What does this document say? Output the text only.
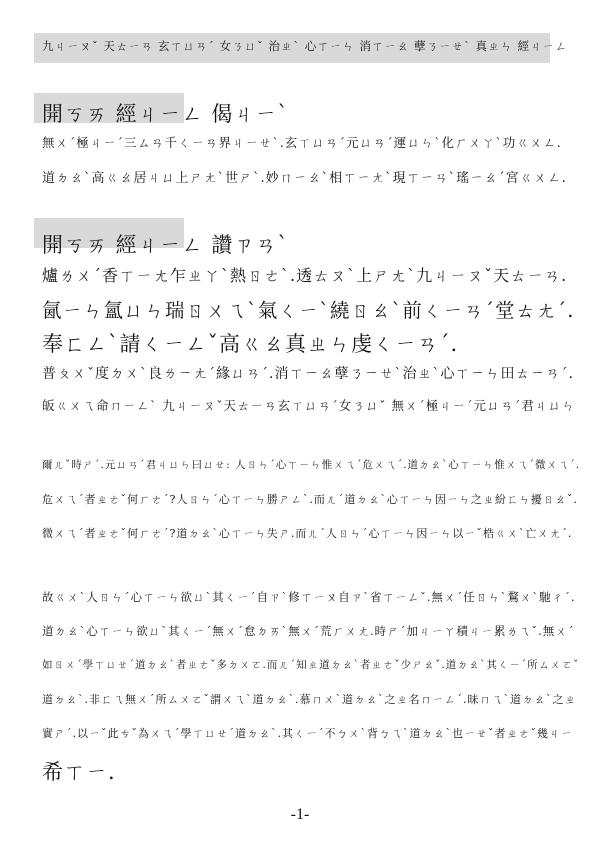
九ㄐㄧㄡˇ 天ㄊㄧㄢ 玄ㄒㄩㄢˊ 女ㄋㄩˇ 治ㄓˋ 心ㄒㄧㄣ 消ㄒㄧㄠ 孽ㄋㄧㄝˋ 真ㄓㄣ 經ㄐㄧㄥ
開ㄎㄞ 經ㄐㄧㄥ 偈ㄐㄧˋ
無ㄨˊ極ㄐㄧˊ三ㄙㄢ千ㄑㄧㄢ界ㄐㄧㄝˋ.玄ㄒㄩㄢˊ元ㄩㄢˊ運ㄩㄣˋ化ㄏㄨㄚˋ功ㄍㄨㄥ.
道ㄉㄠˋ高ㄍㄠ居ㄐㄩ上ㄕㄤˋ世ㄕˋ.妙ㄇㄧㄠˋ相ㄒㄧㄤˋ現ㄒㄧㄢˋ瑤ㄧㄠˊ宮ㄍㄨㄥ.
開ㄎㄞ 經ㄐㄧㄥ 讚ㄗㄢˋ
爐ㄌㄨˊ香ㄒㄧㄤ乍ㄓㄚˋ熱ㄖㄜˋ.透ㄊㄡˋ上ㄕㄤˋ九ㄐㄧㄡˇ天ㄊㄧㄢ.
氤ㄧㄣ氳ㄩㄣ瑞ㄖㄨㄟˋ氣ㄑㄧˋ繞ㄖㄠˋ前ㄑㄧㄢˊ堂ㄊㄤˊ.
奉ㄈㄥˋ請ㄑㄧㄥˇ高ㄍㄠ真ㄓㄣ虔ㄑㄧㄢˊ.
普ㄆㄨˇ度ㄉㄨˋ良ㄌㄧㄤˊ緣ㄩㄢˊ.消ㄒㄧㄠ孽ㄋㄧㄝˋ治ㄓˋ心ㄒㄧㄣ田ㄊㄧㄢˊ.
皈ㄍㄨㄟ命ㄇㄧㄥˋ 九ㄐㄧㄡˇ天ㄊㄧㄢ玄ㄒㄩㄢˊ女ㄋㄩˇ 無ㄨˊ極ㄐㄧˊ元ㄩㄢˊ君ㄐㄩㄣ
爾ㄦˇ時ㄕˊ.元ㄩㄢˊ君ㄐㄩㄣ曰ㄩㄝ: 人ㄖㄣˊ心ㄒㄧㄣ惟ㄨㄟˊ危ㄨㄟˊ.道ㄉㄠˋ心ㄒㄧㄣ惟ㄨㄟˊ微ㄨㄟˊ.
危ㄨㄟˊ者ㄓㄜˇ何ㄏㄜˊ?人ㄖㄣˊ心ㄒㄧㄣ勝ㄕㄥˋ.而ㄦˊ道ㄉㄠˋ心ㄒㄧㄣ因ㄧㄣ之ㄓ紛ㄈㄣ擾ㄖㄠˇ.
微ㄨㄟˊ者ㄓㄜˇ何ㄏㄜˊ?道ㄉㄠˋ心ㄒㄧㄣ失ㄕ.而ㄦˊ人ㄖㄣˊ心ㄒㄧㄣ因ㄧㄣ以ㄧˇ梏ㄍㄨˋ亡ㄨㄤˊ.
故ㄍㄨˋ人ㄖㄣˊ心ㄒㄧㄣ欲ㄩˋ其ㄑㄧˊ自ㄗˋ修ㄒㄧㄡ自ㄗˋ省ㄒㄧㄥˇ.無ㄨˊ任ㄖㄣˋ鶩ㄨˋ馳ㄔˊ.
道ㄉㄠˋ心ㄒㄧㄣ欲ㄩˋ其ㄑㄧˊ無ㄨˊ怠ㄉㄞˋ無ㄨˊ荒ㄏㄨㄤ.時ㄕˊ加ㄐㄧㄚ積ㄐㄧ累ㄌㄟˇ.無ㄨˊ
如ㄖㄨˊ學ㄒㄩㄝˊ道ㄉㄠˋ者ㄓㄜˇ多ㄉㄨㄛ.而ㄦˊ知ㄓ道ㄉㄠˋ者ㄓㄜˇ少ㄕㄠˇ.道ㄉㄠˋ其ㄑㄧˊ所ㄙㄨㄛˇ
道ㄉㄠˋ.非ㄈㄟ無ㄨˊ所ㄙㄨㄛˇ謂ㄨㄟˋ道ㄉㄠˋ.慕ㄇㄨˋ道ㄉㄠˋ之ㄓ名ㄇㄧㄥˊ.昧ㄇㄟˋ道ㄉㄠˋ之ㄓ
實ㄕˊ.以ㄧˇ此ㄘˇ為ㄨㄟˊ學ㄒㄩㄝˊ道ㄉㄠˋ.其ㄑㄧˊ不ㄅㄨˋ背ㄅㄟˋ道ㄉㄠˋ也ㄧㄝˇ者ㄓㄜˇ幾ㄐㄧ
希ㄒㄧ.
-1-
